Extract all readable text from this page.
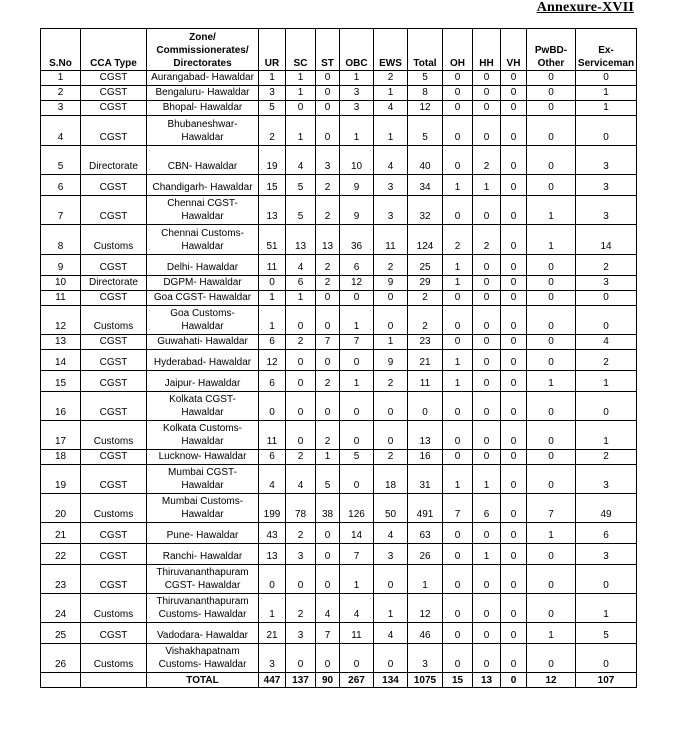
Annexure-XVII
S.No	CCA Type	Zone/ Commissionerates/ Directorates	UR	SC	ST	OBC	EWS	Total	OH	HH	VH	PwBD-Other	Ex-Serviceman
1	CGST	Aurangabad- Hawaldar	1	1	0	1	2	5	0	0	0	0	0
2	CGST	Bengaluru- Hawaldar	3	1	0	3	1	8	0	0	0	0	1
3	CGST	Bhopal- Hawaldar	5	0	0	3	4	12	0	0	0	0	1
4	CGST	Bhubaneshwar- Hawaldar	2	1	0	1	1	5	0	0	0	0	0
5	Directorate	CBN- Hawaldar	19	4	3	10	4	40	0	2	0	0	3
6	CGST	Chandigarh- Hawaldar	15	5	2	9	3	34	1	1	0	0	3
7	CGST	Chennai CGST- Hawaldar	13	5	2	9	3	32	0	0	0	1	3
8	Customs	Chennai Customs- Hawaldar	51	13	13	36	11	124	2	2	0	1	14
9	CGST	Delhi- Hawaldar	11	4	2	6	2	25	1	0	0	0	2
10	Directorate	DGPM- Hawaldar	0	6	2	12	9	29	1	0	0	0	3
11	CGST	Goa CGST- Hawaldar	1	1	0	0	0	2	0	0	0	0	0
12	Customs	Goa Customs- Hawaldar	1	0	0	1	0	2	0	0	0	0	0
13	CGST	Guwahati- Hawaldar	6	2	7	7	1	23	0	0	0	0	4
14	CGST	Hyderabad- Hawaldar	12	0	0	0	9	21	1	0	0	0	2
15	CGST	Jaipur- Hawaldar	6	0	2	1	2	11	1	0	0	1	1
16	CGST	Kolkata CGST- Hawaldar	0	0	0	0	0	0	0	0	0	0	0
17	Customs	Kolkata Customs- Hawaldar	11	0	2	0	0	13	0	0	0	0	1
18	CGST	Lucknow- Hawaldar	6	2	1	5	2	16	0	0	0	0	2
19	CGST	Mumbai CGST- Hawaldar	4	4	5	0	18	31	1	1	0	0	3
20	Customs	Mumbai Customs- Hawaldar	199	78	38	126	50	491	7	6	0	7	49
21	CGST	Pune- Hawaldar	43	2	0	14	4	63	0	0	0	1	6
22	CGST	Ranchi- Hawaldar	13	3	0	7	3	26	0	1	0	0	3
23	CGST	Thiruvananthapuram CGST- Hawaldar	0	0	0	1	0	1	0	0	0	0	0
24	Customs	Thiruvananthapuram Customs- Hawaldar	1	2	4	4	1	12	0	0	0	0	1
25	CGST	Vadodara- Hawaldar	21	3	7	11	4	46	0	0	0	1	5
26	Customs	Vishakhapatnam Customs- Hawaldar	3	0	0	0	0	3	0	0	0	0	0
		TOTAL	447	137	90	267	134	1075	15	13	0	12	107
